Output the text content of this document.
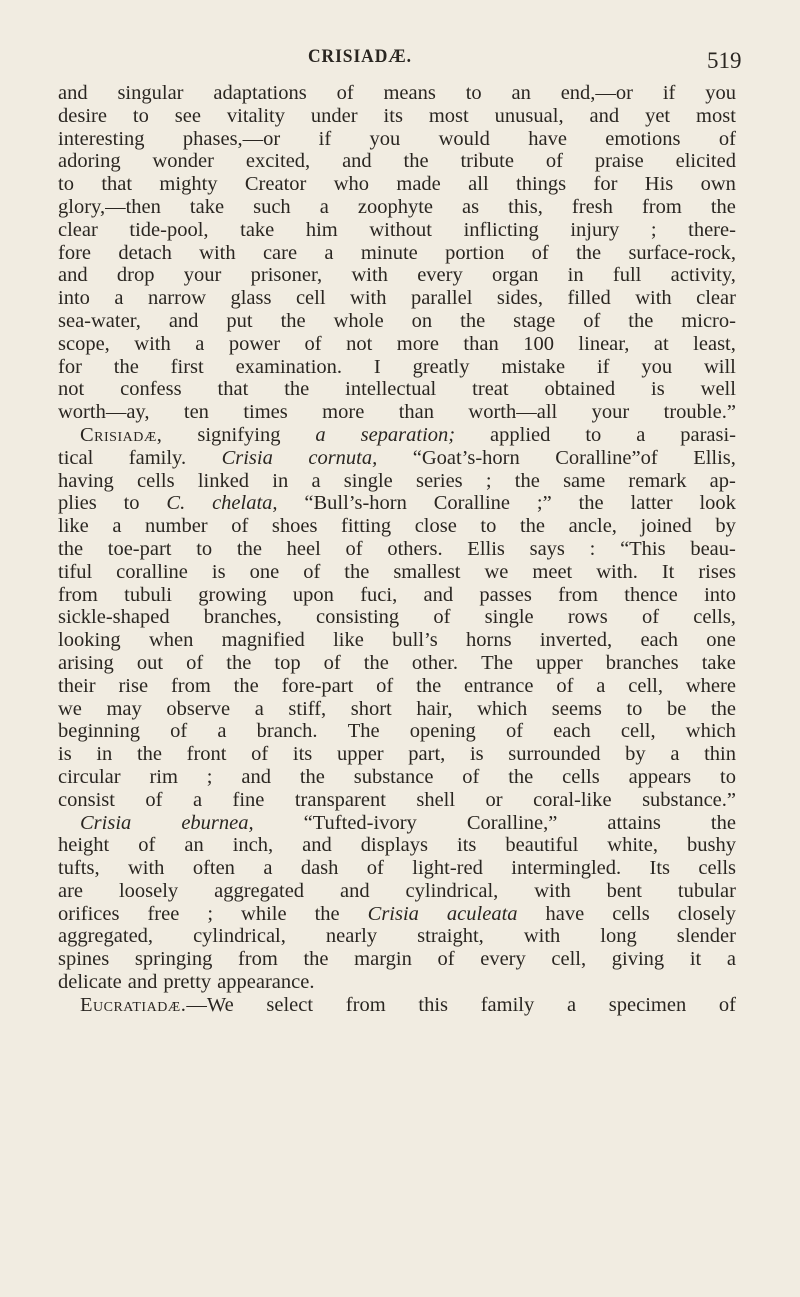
CRISIADÆ.	519
and singular adaptations of means to an end,—or if you
desire to see vitality under its most unusual, and yet most
interesting phases,—or if you would have emotions of
adoring wonder excited, and the tribute of praise elicited
to that mighty Creator who made all things for His own
glory,—then take such a zoophyte as this, fresh from the
clear tide-pool, take him without inflicting injury ; there-
fore detach with care a minute portion of the surface-rock,
and drop your prisoner, with every organ in full activity,
into a narrow glass cell with parallel sides, filled with clear
sea-water, and put the whole on the stage of the micro-
scope, with a power of not more than 100 linear, at least,
for the first examination. I greatly mistake if you will
not confess that the intellectual treat obtained is well
worth—ay, ten times more than worth—all your trouble.”
Crisiadæ, signifying a separation; applied to a parasi-
tical family. Crisia cornuta, “Goat’s-horn Coralline”of Ellis,
having cells linked in a single series ; the same remark ap-
plies to C. chelata, “Bull’s-horn Coralline ;” the latter look
like a number of shoes fitting close to the ancle, joined by
the toe-part to the heel of others. Ellis says : “This beau-
tiful coralline is one of the smallest we meet with. It rises
from tubuli growing upon fuci, and passes from thence into
sickle-shaped branches, consisting of single rows of cells,
looking when magnified like bull’s horns inverted, each one
arising out of the top of the other. The upper branches take
their rise from the fore-part of the entrance of a cell, where
we may observe a stiff, short hair, which seems to be the
beginning of a branch. The opening of each cell, which
is in the front of its upper part, is surrounded by a thin
circular rim ; and the substance of the cells appears to
consist of a fine transparent shell or coral-like substance.”
Crisia eburnea, “Tufted-ivory Coralline,” attains the
height of an inch, and displays its beautiful white, bushy
tufts, with often a dash of light-red intermingled. Its cells
are loosely aggregated and cylindrical, with bent tubular
orifices free ; while the Crisia aculeata have cells closely
aggregated, cylindrical, nearly straight, with long slender
spines springing from the margin of every cell, giving it a
delicate and pretty appearance.
Eucratiadæ.—We select from this family a specimen of
